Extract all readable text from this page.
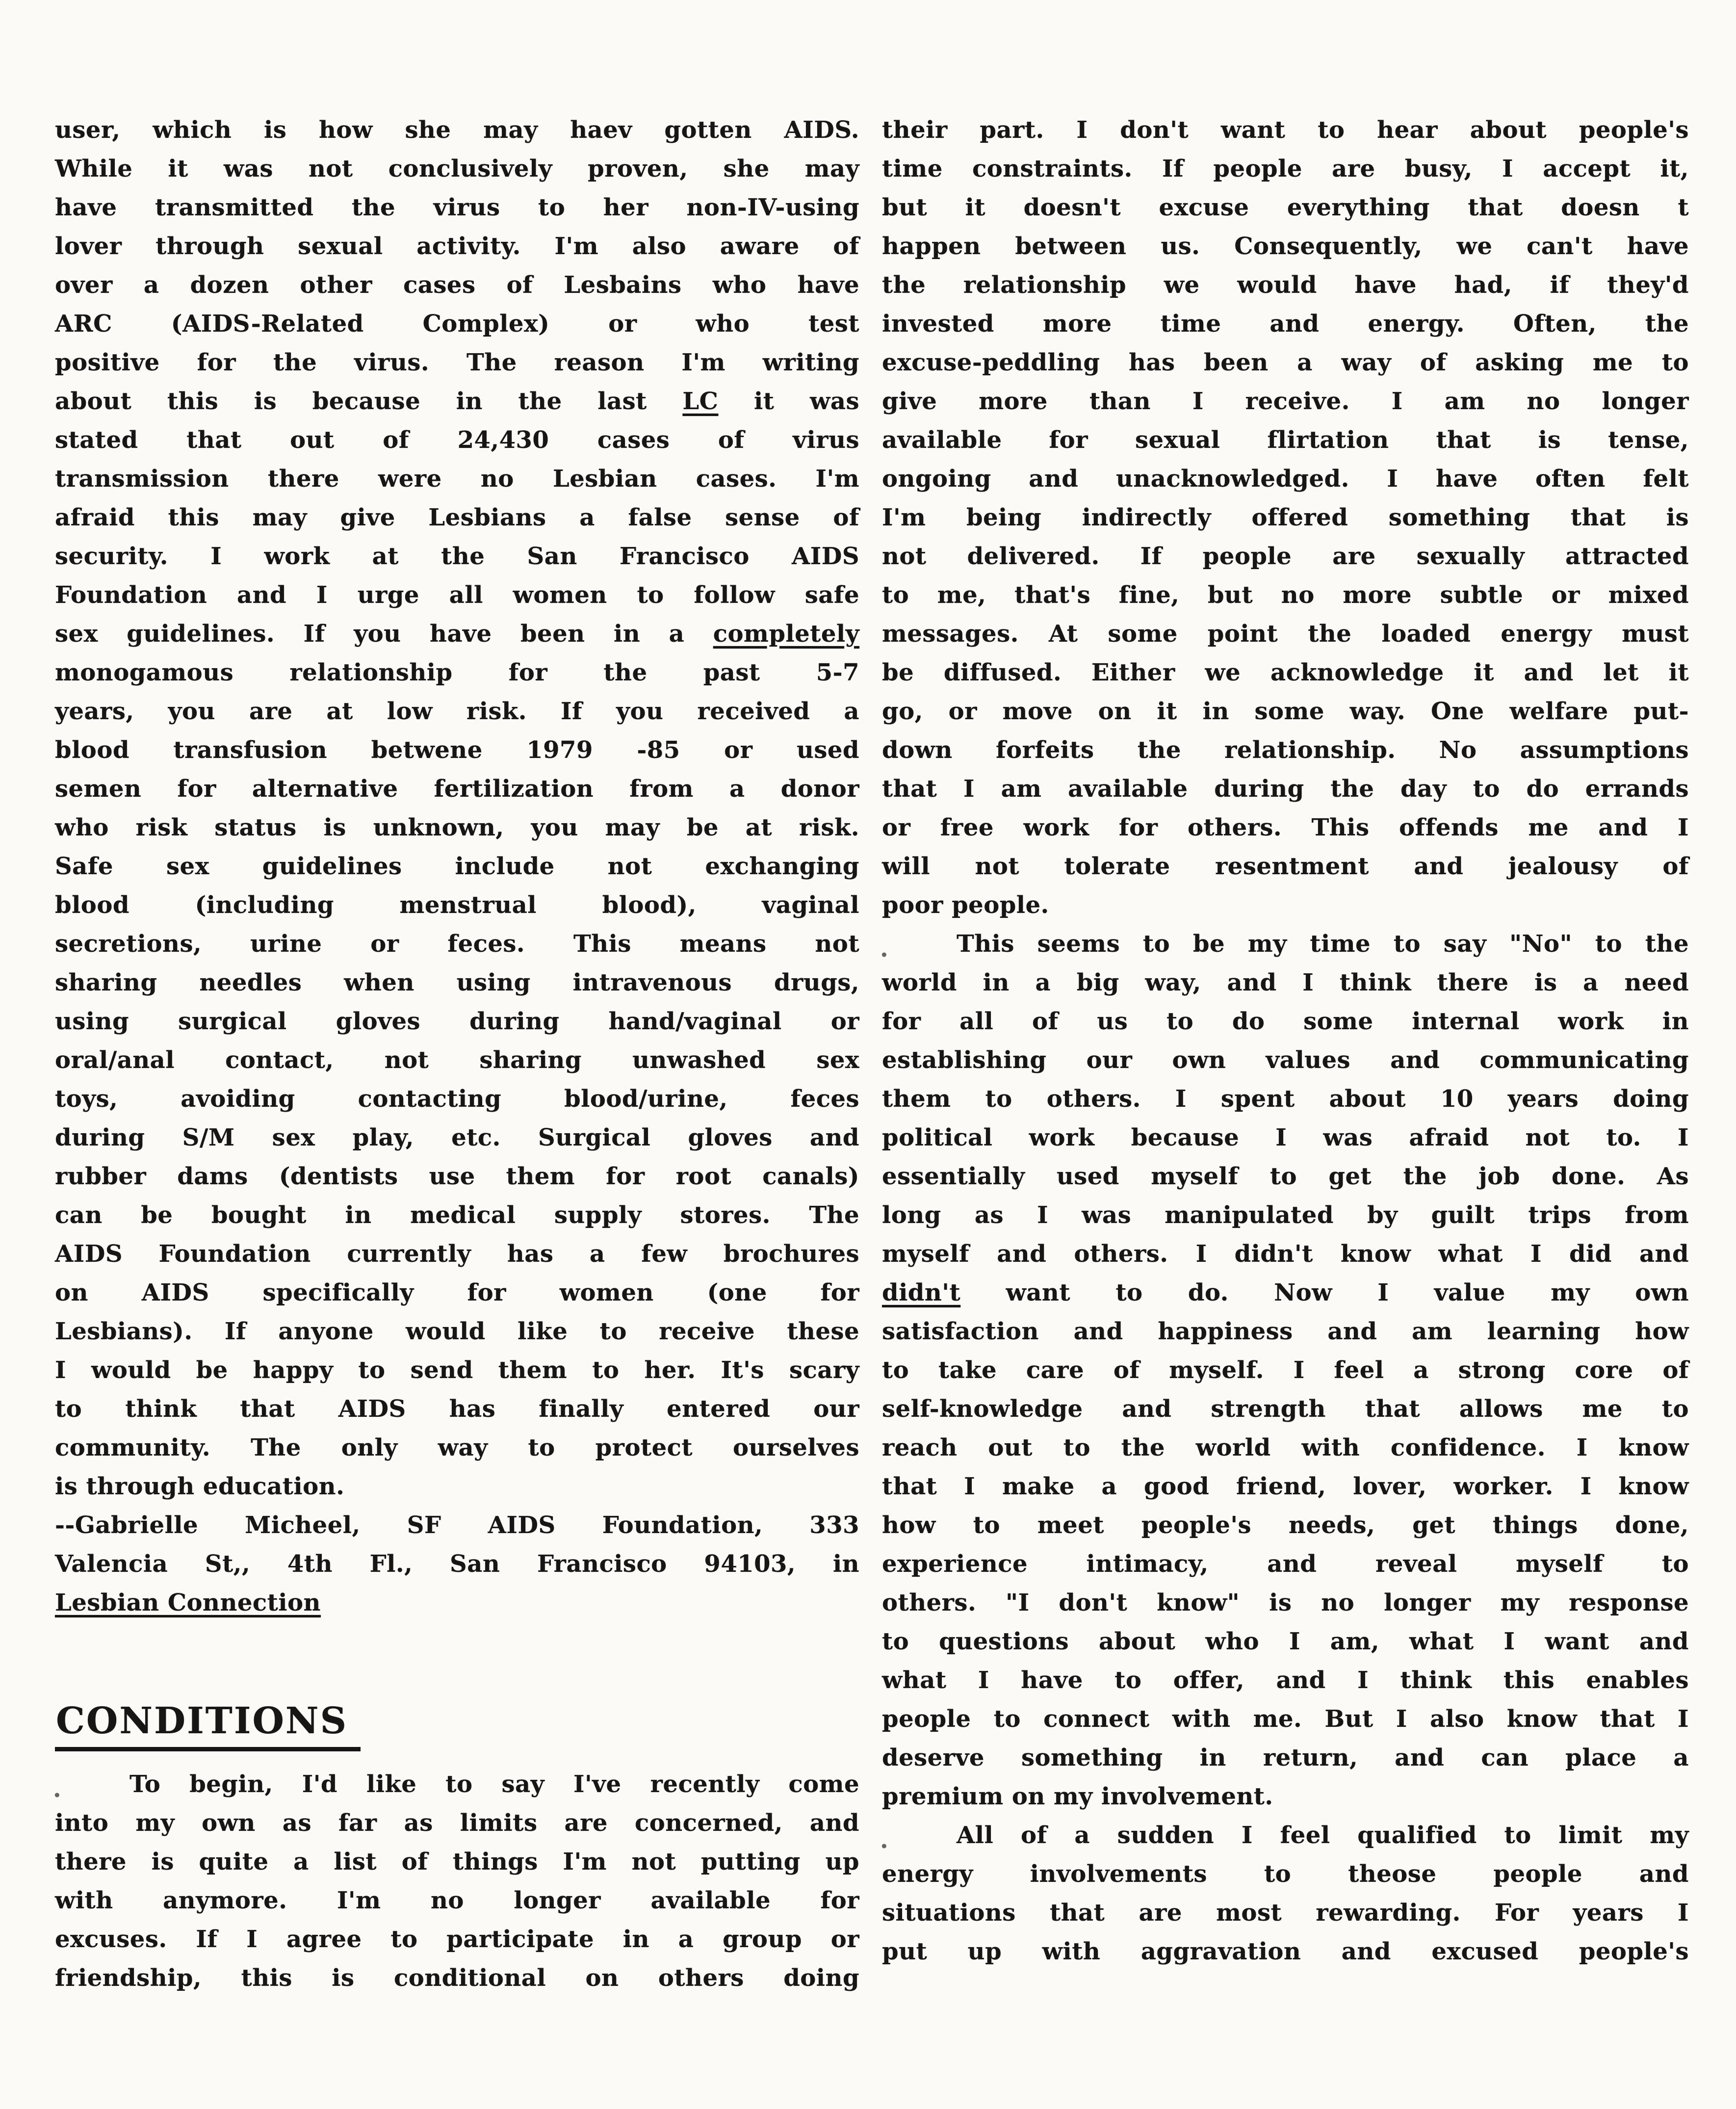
user, which is how she may haev gotten AIDS.
While it was not conclusively proven, she may
have transmitted the virus to her non-IV-using
lover through sexual activity. I'm also aware of
over a dozen other cases of Lesbains who have
ARC (AIDS-Related Complex) or who test
positive for the virus. The reason I'm writing
about this is because in the last LC it was
stated that out of 24,430 cases of virus
transmission there were no Lesbian cases. I'm
afraid this may give Lesbians a false sense of
security. I work at the San Francisco AIDS
Foundation and I urge all women to follow safe
sex guidelines. If you have been in a completely
monogamous relationship for the past 5-7
years, you are at low risk. If you received a
blood transfusion betwene 1979 -85 or used
semen for alternative fertilization from a donor
who risk status is unknown, you may be at risk.
Safe sex guidelines include not exchanging
blood (including menstrual blood), vaginal
secretions, urine or feces. This means not
sharing needles when using intravenous drugs,
using surgical gloves during hand/vaginal or
oral/anal contact, not sharing unwashed sex
toys, avoiding contacting blood/urine, feces
during S/M sex play, etc. Surgical gloves and
rubber dams (dentists use them for root canals)
can be bought in medical supply stores. The
AIDS Foundation currently has a few brochures
on AIDS specifically for women (one for
Lesbians). If anyone would like to receive these
I would be happy to send them to her. It's scary
to think that AIDS has finally entered our
community. The only way to protect ourselves
is through education.
--Gabrielle Micheel, SF AIDS Foundation, 333
Valencia St,, 4th Fl., San Francisco 94103, in
Lesbian Connection
CONDITIONS
. To begin, I'd like to say I've recently come
into my own as far as limits are concerned, and
there is quite a list of things I'm not putting up
with anymore. I'm no longer available for
excuses. If I agree to participate in a group or
friendship, this is conditional on others doing
their part. I don't want to hear about people's
time constraints. If people are busy, I accept it,
but it doesn't excuse everything that doesn t
happen between us. Consequently, we can't have
the relationship we would have had, if they'd
invested more time and energy. Often, the
excuse-peddling has been a way of asking me to
give more than I receive. I am no longer
available for sexual flirtation that is tense,
ongoing and unacknowledged. I have often felt
I'm being indirectly offered something that is
not delivered. If people are sexually attracted
to me, that's fine, but no more subtle or mixed
messages. At some point the loaded energy must
be diffused. Either we acknowledge it and let it
go, or move on it in some way. One welfare put-
down forfeits the relationship. No assumptions
that I am available during the day to do errands
or free work for others. This offends me and I
will not tolerate resentment and jealousy of
poor people.
. This seems to be my time to say "No" to the
world in a big way, and I think there is a need
for all of us to do some internal work in
establishing our own values and communicating
them to others. I spent about 10 years doing
political work because I was afraid not to. I
essentially used myself to get the job done. As
long as I was manipulated by guilt trips from
myself and others. I didn't know what I did and
didn't want to do. Now I value my own
satisfaction and happiness and am learning how
to take care of myself. I feel a strong core of
self-knowledge and strength that allows me to
reach out to the world with confidence. I know
that I make a good friend, lover, worker. I know
how to meet people's needs, get things done,
experience intimacy, and reveal myself to
others. "I don't know" is no longer my response
to questions about who I am, what I want and
what I have to offer, and I think this enables
people to connect with me. But I also know that I
deserve something in return, and can place a
premium on my involvement.
. All of a sudden I feel qualified to limit my
energy involvements to theose people and
situations that are most rewarding. For years I
put up with aggravation and excused people's
